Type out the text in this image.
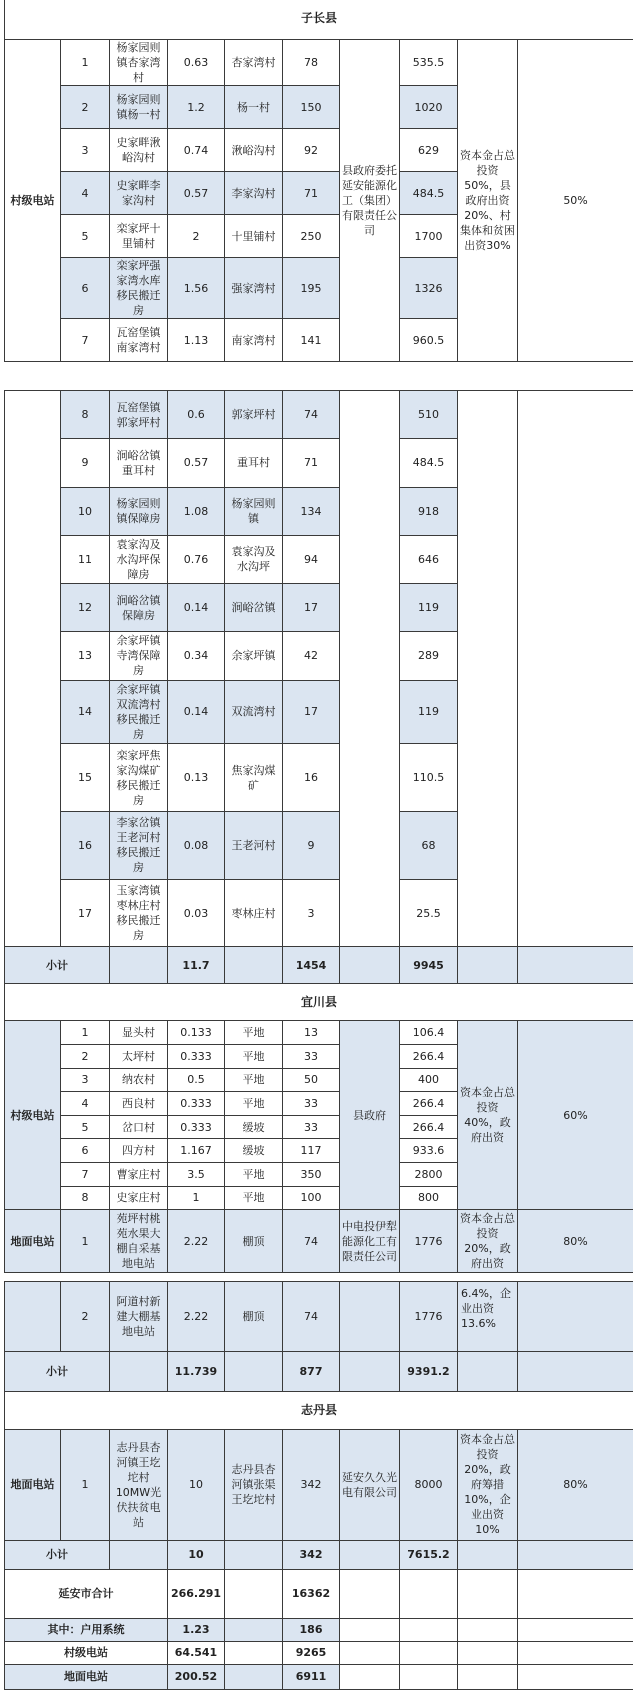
子长县									
村级电站	1	杨家园则镇杏家湾村	0.63	杏家湾村	78	县政府委托延安能源化工（集团）有限责任公司	535.5	资本金占总投资50%，县政府出资20%、村集体和贫困出资30%	50%
	2	杨家园则镇杨一村	1.2	杨一村	150		1020		
	3	史家畔湫峪沟村	0.74	湫峪沟村	92		629		
	4	史家畔李家沟村	0.57	李家沟村	71		484.5		
	5	栾家坪十里铺村	2	十里铺村	250		1700		
	6	栾家坪强家湾水库移民搬迁房	1.56	强家湾村	195		1326		
	7	瓦窑堡镇南家湾村	1.13	南家湾村	141		960.5		
	8	瓦窑堡镇郭家坪村	0.6	郭家坪村	74		510		
	9	涧峪岔镇重耳村	0.57	重耳村	71		484.5		
	10	杨家园则镇保障房	1.08	杨家园则镇	134		918		
	11	袁家沟及水沟坪保障房	0.76	袁家沟及水沟坪	94		646		
	12	涧峪岔镇保障房	0.14	涧峪岔镇	17		119		
	13	余家坪镇寺湾保障房	0.34	余家坪镇	42		289		
	14	余家坪镇双流湾村移民搬迁房	0.14	双流湾村	17		119		
	15	栾家坪焦家沟煤矿移民搬迁房	0.13	焦家沟煤矿	16		110.5		
	16	李家岔镇王老河村移民搬迁房	0.08	王老河村	9		68		
	17	玉家湾镇枣林庄村移民搬迁房	0.03	枣林庄村	3		25.5		
小计			11.7		1454		9945		
宜川县									
村级电站	1	显头村	0.133	平地	13	县政府	106.4	资本金占总投资40%，政府出资	60%
	2	太坪村	0.333	平地	33		266.4		
	3	纳农村	0.5	平地	50		400		
	4	西良村	0.333	平地	33		266.4		
	5	岔口村	0.333	缓坡	33		266.4		
	6	四方村	1.167	缓坡	117		933.6		
	7	曹家庄村	3.5	平地	350		2800		
	8	史家庄村	1	平地	100		800		
地面电站	1	苑坪村桃苑水果大棚自采基地电站	2.22	棚顶	74	中电投伊犁能源化工有限责任公司	1776	资本金占总投资20%，政府出资	80%
	2	阿道村新建大棚基地电站	2.22	棚顶	74		1776	6.4%，企业出资13.6%	
小计			11.739		877		9391.2		
志丹县									
地面电站	1	志丹县杏河镇王圪坨村10MW光伏扶贫电站	10	志丹县杏河镇张渠王圪坨村	342	延安久久光电有限公司	8000	资本金占总投资20%，政府筹措10%，企业出资10%	80%
小计			10		342		7615.2		
延安市合计			266.291		16362				
其中：户用系统			1.23		186				
村级电站			64.541		9265				
地面电站			200.52		6911				
